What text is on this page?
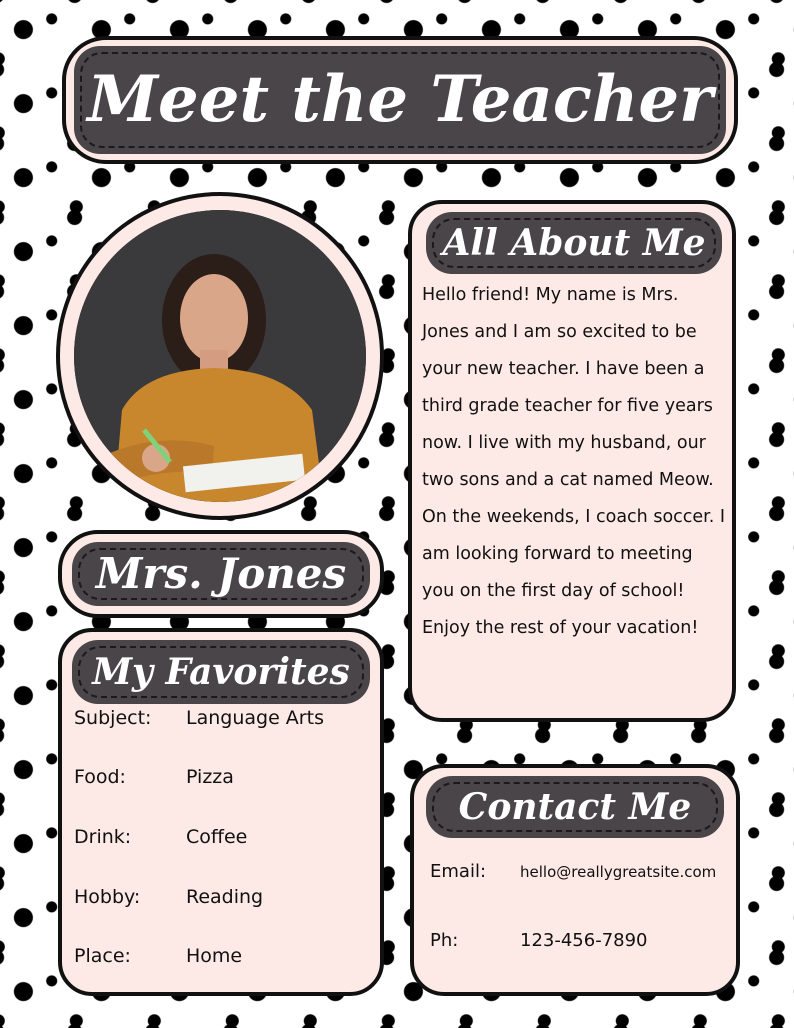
Meet the Teacher
Mrs. Jones
My Favorites
Subject: Language Arts
Food:	Pizza
Drink:	Coffee
Hobby: Reading
Place:	Home
All About Me
Hello friend! My name is Mrs. Jones and I am so excited to be your new teacher. I have been a third grade teacher for five years now. I live with my husband, our two sons and a cat named Meow. On the weekends, I coach soccer. I am looking forward to meeting you on the first day of school! Enjoy the rest of your vacation!
Contact Me
Email: hello@reallygreatsite.com
Ph:	123-456-7890
